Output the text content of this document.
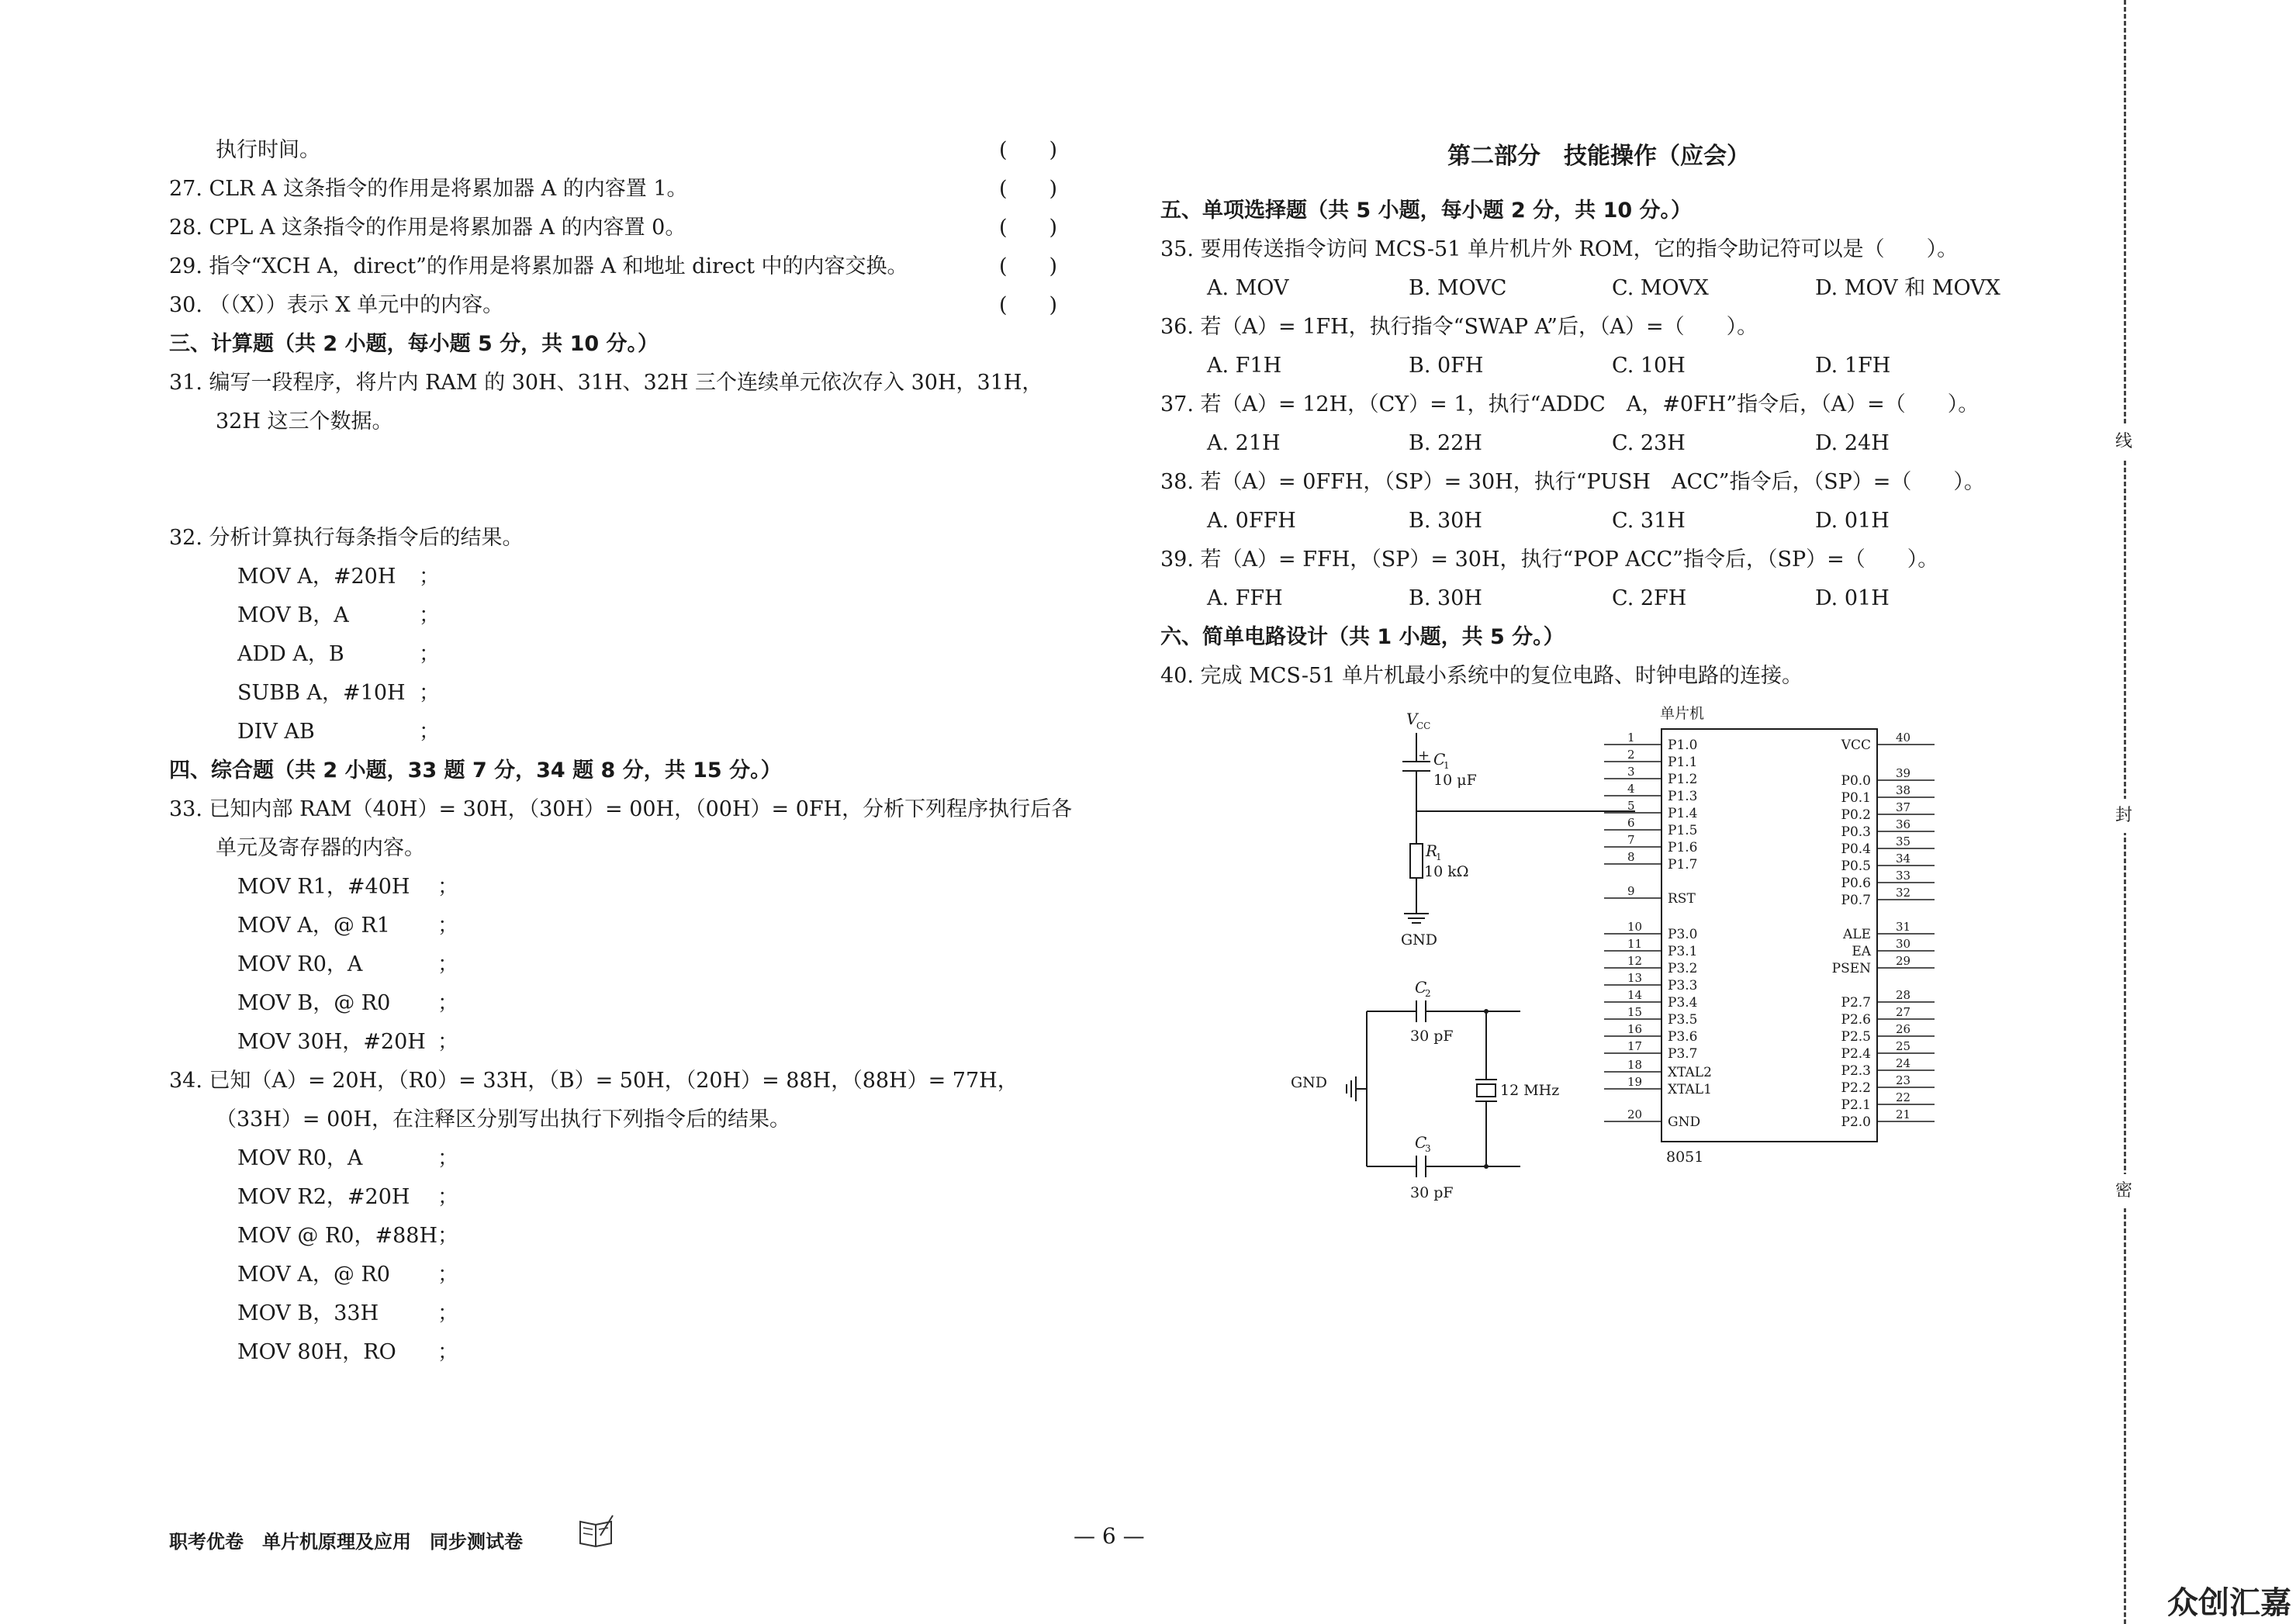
执行时间。	(　　)
27. CLR A 这条指令的作用是将累加器 A 的内容置 1。	(　　)
28. CPL A 这条指令的作用是将累加器 A 的内容置 0。	(　　)
29. 指令“XCH A，direct”的作用是将累加器 A 和地址 direct 中的内容交换。	(　　)
30. （（X））表示 X 单元中的内容。	(　　)
三、计算题（共 2 小题，每小题 5 分，共 10 分。）
31. 编写一段程序，将片内 RAM 的 30H、31H、32H 三个连续单元依次存入 30H，31H，
32H 这三个数据。
32. 分析计算执行每条指令后的结果。
MOV A，#20H ；
MOV B，A	；
ADD A，B	；
SUBB A，#10H ；
DIV AB	；
四、综合题（共 2 小题，33 题 7 分，34 题 8 分，共 15 分。）
33. 已知内部 RAM（40H）= 30H，（30H）= 00H，（00H）= 0FH，分析下列程序执行后各
单元及寄存器的内容。
MOV R1，#40H ；
MOV A，@ R1 ；
MOV R0，A	；
MOV B，@ R0 ；
MOV 30H，#20H ；
34. 已知（A）= 20H，（R0）= 33H，（B）= 50H，（20H）= 88H，（88H）= 77H，
（33H）= 00H，在注释区分别写出执行下列指令后的结果。
MOV R0，A	；
MOV R2，#20H ；
MOV @ R0，#88H ；
MOV A，@ R0 ；
MOV B，33H	；
MOV 80H，RO ；
第二部分　技能操作（应会）
五、单项选择题（共 5 小题，每小题 2 分，共 10 分。）
35. 要用传送指令访问 MCS-51 单片机片外 ROM，它的指令助记符可以是（　　）。
A. MOV	B. MOVC	C. MOVX	D. MOV 和 MOVX
36. 若（A）= 1FH，执行指令“SWAP A”后，（A）=（　　）。
A. F1H	B. 0FH	C. 10H	D. 1FH
37. 若（A）= 12H，（CY）= 1，执行“ADDC　A，#0FH”指令后，（A）=（　　）。
A. 21H	B. 22H	C. 23H	D. 24H
38. 若（A）= 0FFH，（SP）= 30H，执行“PUSH　ACC”指令后，（SP）=（　　）。
A. 0FFH	B. 30H	C. 31H	D. 01H
39. 若（A）= FFH，（SP）= 30H，执行“POP ACC”指令后，（SP）=（　　）。
A. FFH	B. 30H	C. 2FH	D. 01H
六、简单电路设计（共 1 小题，共 5 分。）
40. 完成 MCS-51 单片机最小系统中的复位电路、时钟电路的连接。
V
CC
+ C
1
10 μF
R
1
10 kΩ
GND
C
2
30 pF
C
3
30 pF
12 MHz
GND
单片机
8051
1 P1.0
2 P1.1
3 P1.2
4 P1.3
5 P1.4
6 P1.5
7 P1.6
8 P1.7
9 RST
10 P3.0
11 P3.1
12 P3.2
13 P3.3
14 P3.4
15 P3.5
16 P3.6
17 P3.7
18 XTAL2
19 XTAL1
20 GND
40
VCC
39
P0.0
38
P0.1
37
P0.2
36
P0.3
35
P0.4
34
P0.5
33
P0.6
32
P0.7
31
ALE
30
EA
29
PSEN
28
P2.7
27
P2.6
26
P2.5
25
P2.4
24
P2.3
23
P2.2
22
P2.1
21
P2.0
职考优卷　单片机原理及应用　同步测试卷	— 6 —
线
封
密
众创汇嘉
